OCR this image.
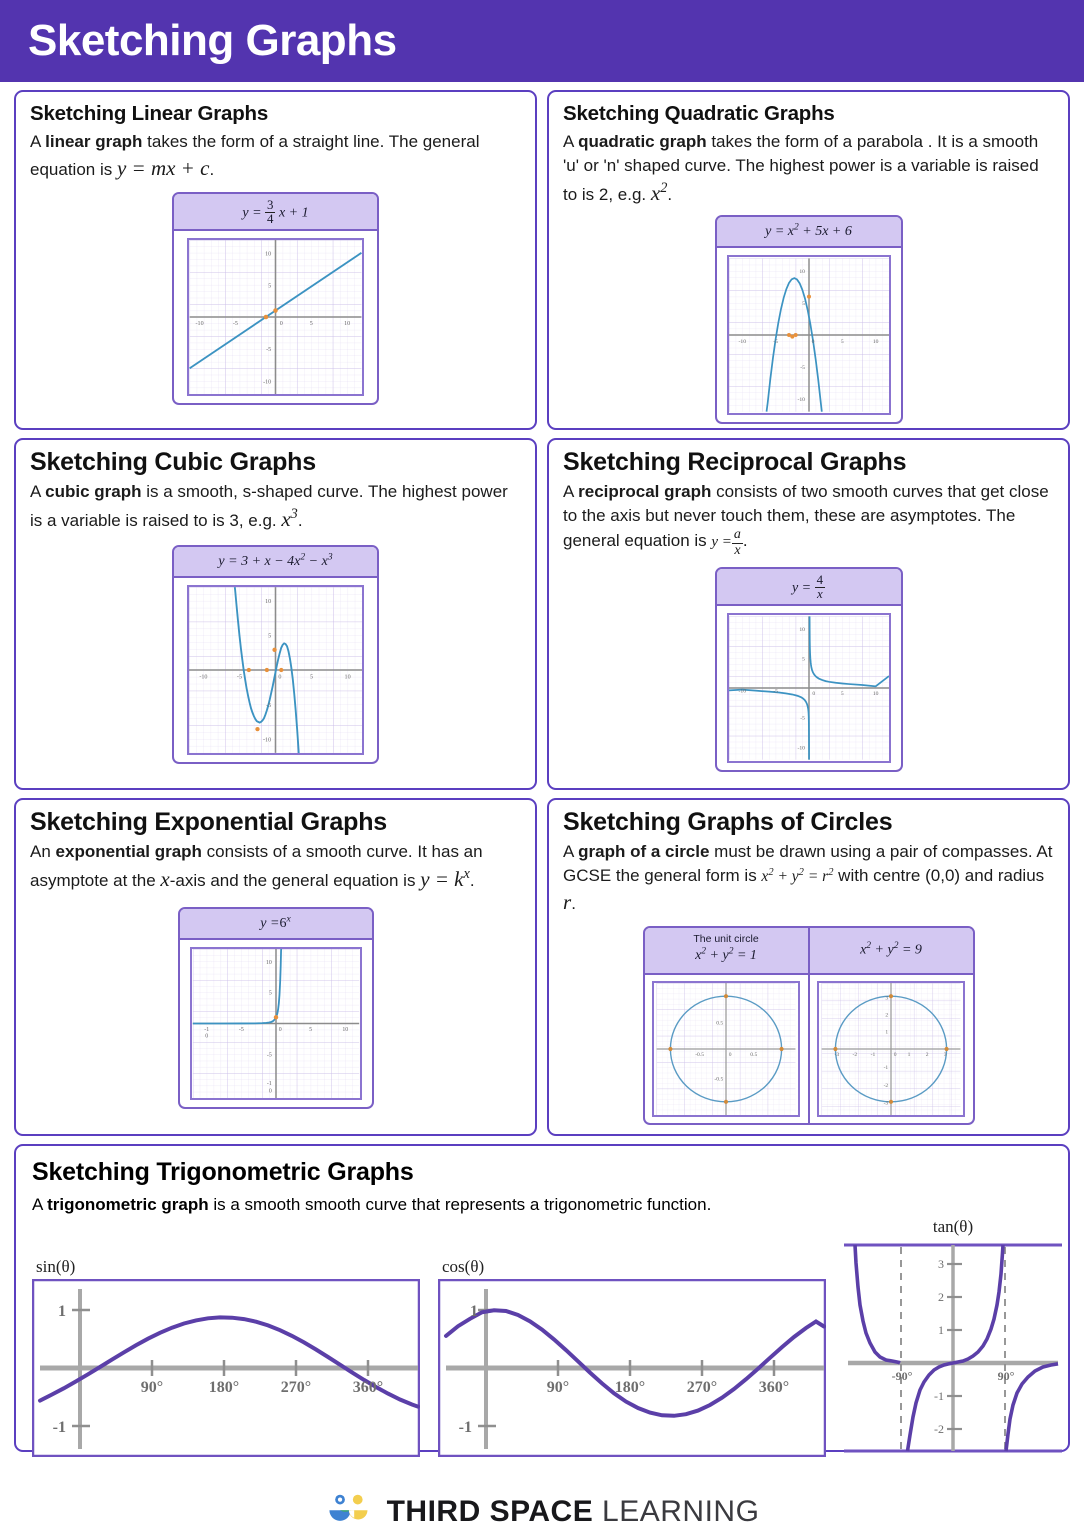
Sketching Graphs
Sketching Linear Graphs

A linear graph takes the form of a straight line. The general equation is y = mx + c.

$y = \frac{3}{4}$ x + 1
-10	-5	0	5	10
10
5
-5
-10
Sketching Quadratic Graphs

A quadratic graph takes the form of a parabola . It is a smooth 'u' or 'n' shaped curve. The highest power is a variable is raised to is 2, e.g. $x^2$.

$y = x^2 + 5x + 6$
-10	-5	0	5	10
10
5
-5
-10
Sketching Cubic Graphs

A cubic graph is a smooth, s-shaped curve. The highest power is a variable is raised to is 3, e.g. $x^3$.

$y = 3 + x - 4x^2 - x^3$
-10	-5	0	5	10
10
5
-5
-10
Sketching Reciprocal Graphs

A reciprocal graph consists of two smooth curves that get close to the axis but never touch them, these are asymptotes. The general equation is $y = \frac{a}{x}$ .

$y = \frac{4}{x}$
-10	-5	0	5	10
10
5
-5
-10
Sketching Exponential Graphs

An exponential graph consists of a smooth curve. It has an asymptote at the x-axis and the general equation is $y = k^x$.

$y =6^x$
-1
0
-5	0	5	10
10
5
-5
-1
0
Sketching Graphs of Circles

A graph of a circle must be drawn using a pair of compasses. At GCSE the general form is $x^2 + y^2 = r^2$ with centre (0,0) and radius r.

The unit circle
$x^2 + y^2 = 1$	$x^2 + y^2 = 9$
-0.5	0 0.5
0.5
-0.5
-3 -2 -1 0 1 2 3
3
2
1
-1
-2
-3
Sketching Trigonometric Graphs

A trigonometric graph is a smooth smooth curve that represents a trigonometric function.

sin(θ)
90°	180°	270°	360°
1
-1
cos(θ)
90°	180°	270°	360°
1
-1
tan(θ)
-90°	90°
3
2
1
-1
-2
THIRD SPACE LEARNING
